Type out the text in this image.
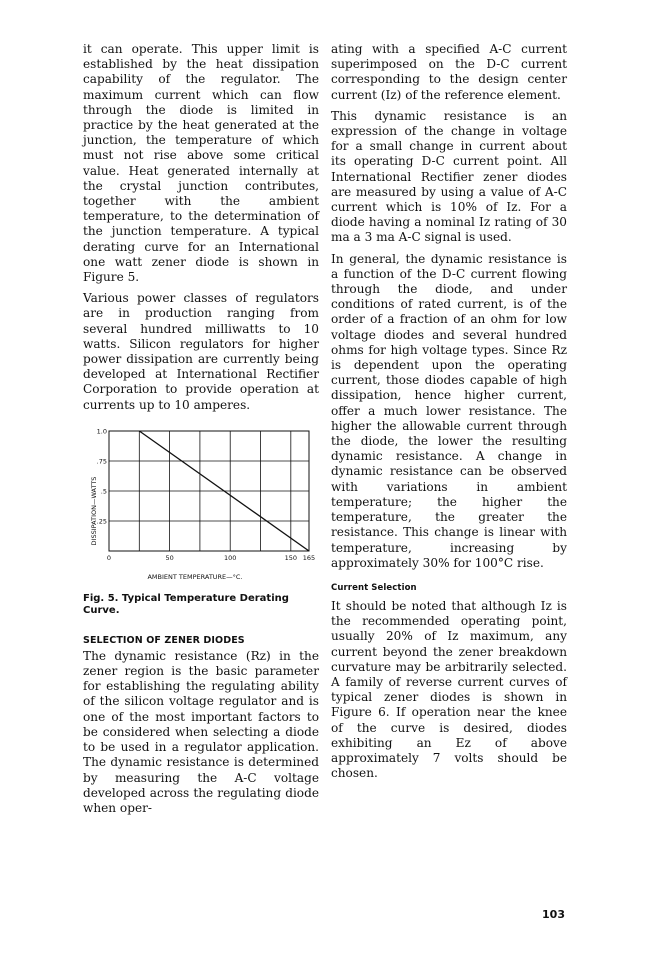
it can operate. This upper limit is established by the heat dissipation capability of the regulator. The maximum current which can flow through the diode is limited in practice by the heat generated at the junction, the temperature of which must not rise above some critical value. Heat generated internally at the crystal junction contributes, together with the ambient temperature, to the determination of the junction temperature. A typical derating curve for an International one watt zener diode is shown in Figure 5.

Various power classes of regulators are in production ranging from several hundred milliwatts to 10 watts. Silicon regulators for higher power dissipation are currently being developed at International Rectifier Corporation to provide operation at currents up to 10 amperes.

DISSIPATION—WATTS
1.0
.75
.5
.25
0	50	100	150 165
AMBIENT TEMPERATURE—°C.
Fig. 5. Typical Temperature Derating Curve.
SELECTION OF ZENER DIODES

The dynamic resistance (Rz) in the zener region is the basic parameter for establishing the regulating ability of the silicon voltage regulator and is one of the most important factors to be considered when selecting a diode to be used in a regulator application. The dynamic resistance is determined by measuring the A-C voltage developed across the regulating diode when oper-

ating with a specified A-C current superimposed on the D-C current corresponding to the design center current (Iz) of the reference element.

This dynamic resistance is an expression of the change in voltage for a small change in current about its operating D-C current point. All International Rectifier zener diodes are measured by using a value of A-C current which is 10% of Iz. For a diode having a nominal Iz rating of 30 ma a 3 ma A-C signal is used.

In general, the dynamic resistance is a function of the D-C current flowing through the diode, and under conditions of rated current, is of the order of a fraction of an ohm for low voltage diodes and several hundred ohms for high voltage types. Since Rz is dependent upon the operating current, those diodes capable of high dissipation, hence higher current, offer a much lower resistance. The higher the allowable current through the diode, the lower the resulting dynamic resistance. A change in dynamic resistance can be observed with variations in ambient temperature; the higher the temperature, the greater the resistance. This change is linear with temperature, increasing by approximately 30% for 100°C rise.

Current Selection

It should be noted that although Iz is the recommended operating point, usually 20% of Iz maximum, any current beyond the zener breakdown curvature may be arbitrarily selected. A family of reverse current curves of typical zener diodes is shown in Figure 6. If operation near the knee of the curve is desired, diodes exhibiting an Ez of above approximately 7 volts should be chosen.

103
